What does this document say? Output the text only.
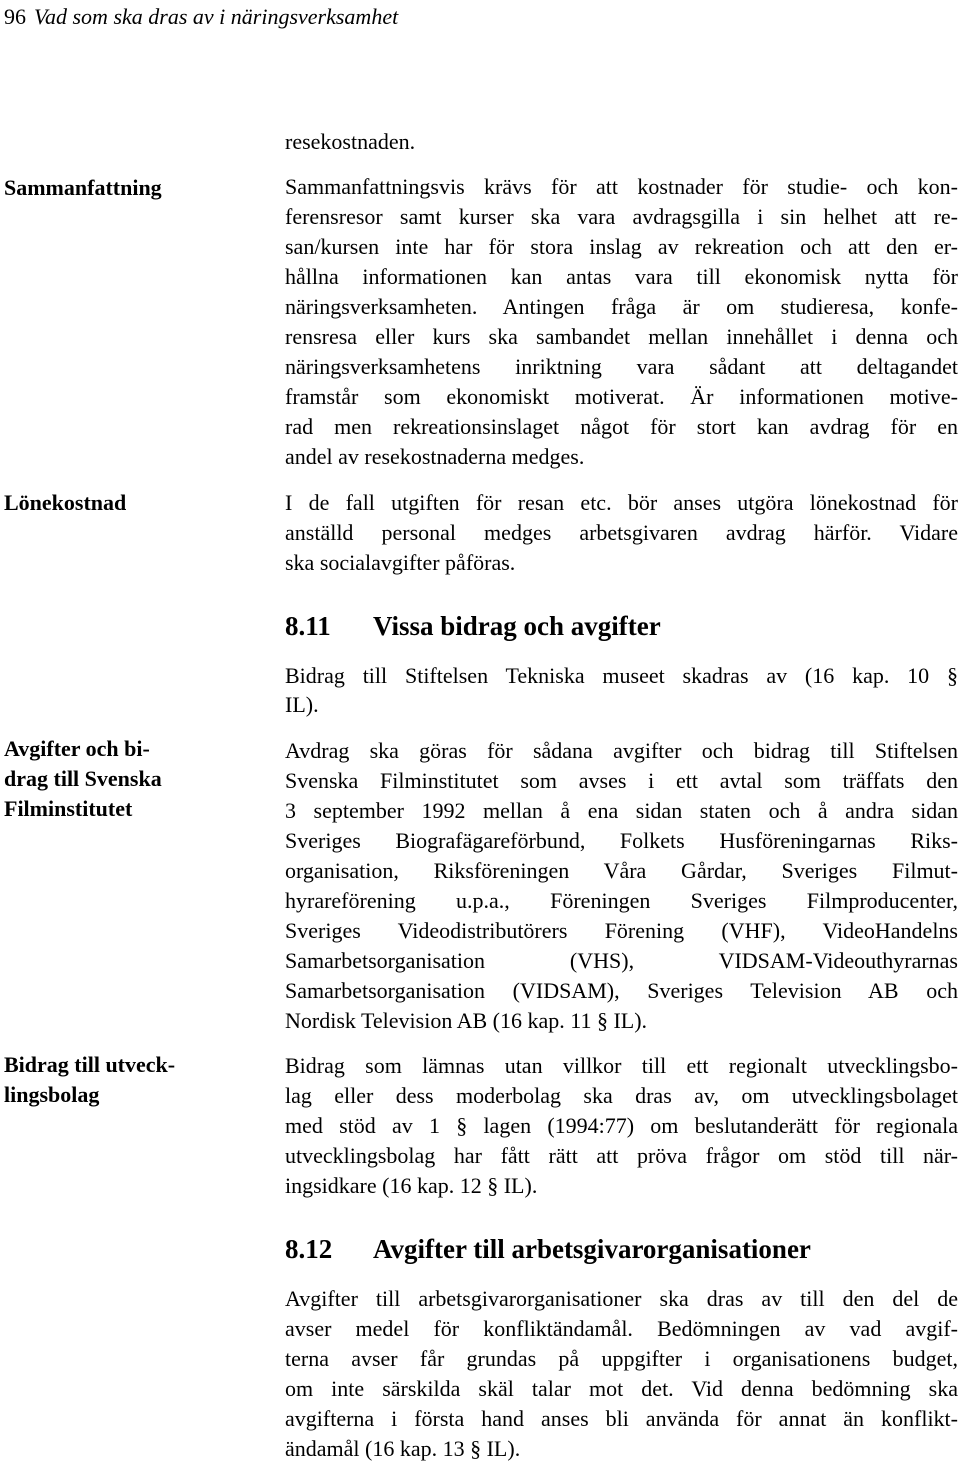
96 Vad som ska dras av i näringsverksamhet
Sammanfattning
Lönekostnad
Avgifter och bi-
drag till Svenska
Filminstitutet
Bidrag till utveck-
lingsbolag
resekostnaden.
Sammanfattningsvis krävs för att kostnader för studie- och kon-
ferensresor samt kurser ska vara avdragsgilla i sin helhet att re-
san/kursen inte har för stora inslag av rekreation och att den er-
hållna informationen kan antas vara till ekonomisk nytta för
näringsverksamheten. Antingen fråga är om studieresa, konfe-
rensresa eller kurs ska sambandet mellan innehållet i denna och
näringsverksamhetens inriktning vara sådant att deltagandet
framstår som ekonomiskt motiverat. Är informationen motive-
rad men rekreationsinslaget något för stort kan avdrag för en
andel av resekostnaderna medges.
I de fall utgiften för resan etc. bör anses utgöra lönekostnad för
anställd personal medges arbetsgivaren avdrag härför. Vidare
ska socialavgifter påföras.
8.11 Vissa bidrag och avgifter
Bidrag till Stiftelsen Tekniska museet skadras av (16 kap. 10 §
IL).
Avdrag ska göras för sådana avgifter och bidrag till Stiftelsen
Svenska Filminstitutet som avses i ett avtal som träffats den
3 september 1992 mellan å ena sidan staten och å andra sidan
Sveriges Biografägareförbund, Folkets Husföreningarnas Riks-
organisation, Riksföreningen Våra Gårdar, Sveriges Filmut-
hyrareförening u.p.a., Föreningen Sveriges Filmproducenter,
Sveriges Videodistributörers Förening (VHF), VideoHandelns
Samarbetsorganisation (VHS), VIDSAM-Videouthyrarnas
Samarbetsorganisation (VIDSAM), Sveriges Television AB och
Nordisk Television AB (16 kap. 11 § IL).
Bidrag som lämnas utan villkor till ett regionalt utvecklingsbo-
lag eller dess moderbolag ska dras av, om utvecklingsbolaget
med stöd av 1 § lagen (1994:77) om beslutanderätt för regionala
utvecklingsbolag har fått rätt att pröva frågor om stöd till när-
ingsidkare (16 kap. 12 § IL).
8.12 Avgifter till arbetsgivarorganisationer
Avgifter till arbetsgivarorganisationer ska dras av till den del de
avser medel för konfliktändamål. Bedömningen av vad avgif-
terna avser får grundas på uppgifter i organisationens budget,
om inte särskilda skäl talar mot det. Vid denna bedömning ska
avgifterna i första hand anses bli använda för annat än konflikt-
ändamål (16 kap. 13 § IL).
